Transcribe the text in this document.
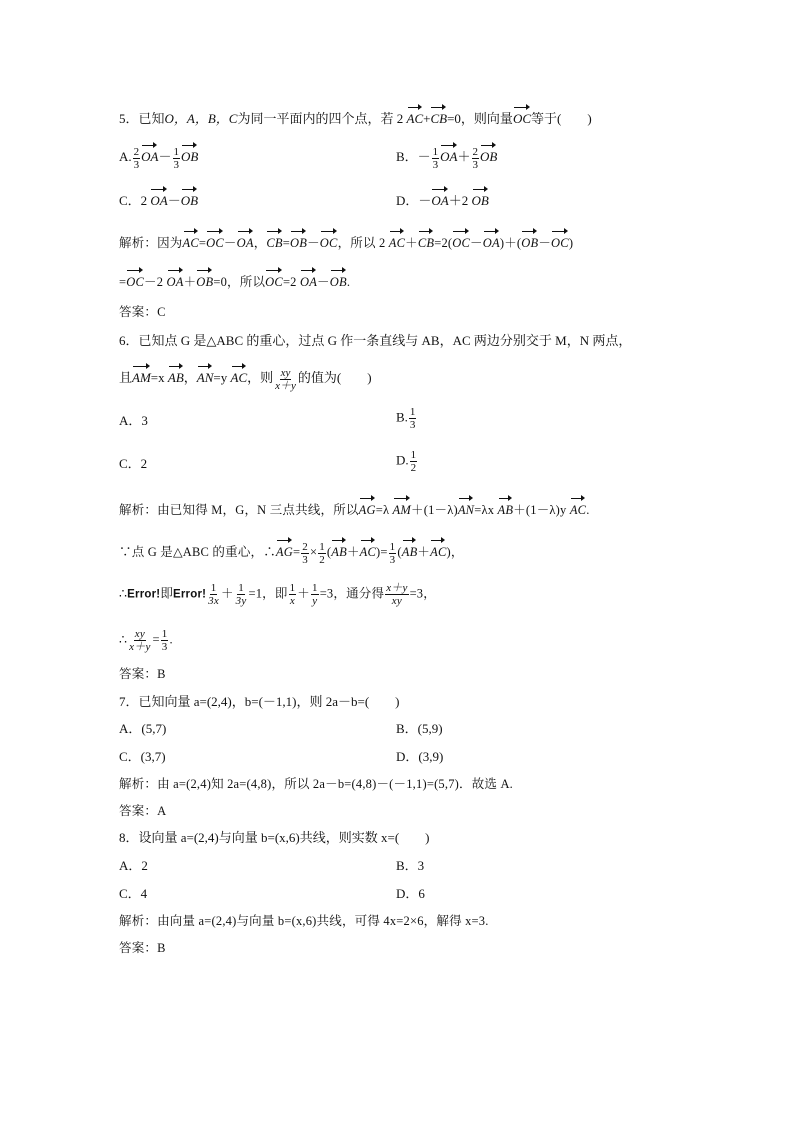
5．已知O，A，B，C为同一平面内的四个点，若 2 AC+CB=0，则向量OC等于(　　)
A. $\frac{2}{3} OA- \frac{1}{3}$ OB	B．－ $\frac{1}{3} OA+ \frac{2}{3}$ OB
C．2 OA－OB	D．－OA＋2 OB
解析：因为AC=OC－OA，CB=OB－OC，所以 2 AC＋CB=2(OC－OA)＋(OB－OC)
=OC－2 OA＋OB=0，所以OC=2 OA－OB.
答案：C
6．已知点 G 是△ABC 的重心，过点 G 作一条直线与 AB，AC 两边分别交于 M，N 两点，
且AM=x AB，AN=y AC，则 $\frac{xy}{x+y}$ 的值为(　　)
A．3	B. $\frac{1}{3}$
C．2	D. $\frac{1}{2}$
解析：由已知得 M，G，N 三点共线，所以AG=λ AM＋(1－λ)AN=λx AB＋(1－λ)y AC.
∵点 G 是△ABC 的重心，∴AG= $\frac{2}{3} \times \frac{1}{2} (AB+AC)= \frac{1}{3} (AB+AC)$，
∴Error!即Error! $\frac{1}{3x} + \frac{1}{3y} =1$，即 $\frac{1}{x} + \frac{1}{y} =3$，通分得 $\frac{x+y}{xy} =3$，
∴ $\frac{xy}{x+y} = \frac{1}{3}$ .
答案：B
7．已知向量 a=(2,4)，b=(－1,1)，则 2a－b=(　　)
A．(5,7)	B．(5,9)
C．(3,7)	D．(3,9)
解析：由 a=(2,4)知 2a=(4,8)，所以 2a－b=(4,8)－(－1,1)=(5,7)．故选 A.
答案：A
8．设向量 a=(2,4)与向量 b=(x,6)共线，则实数 x=(　　)
A．2	B．3
C．4	D．6
解析：由向量 a=(2,4)与向量 b=(x,6)共线，可得 4x=2×6，解得 x=3.
答案：B
